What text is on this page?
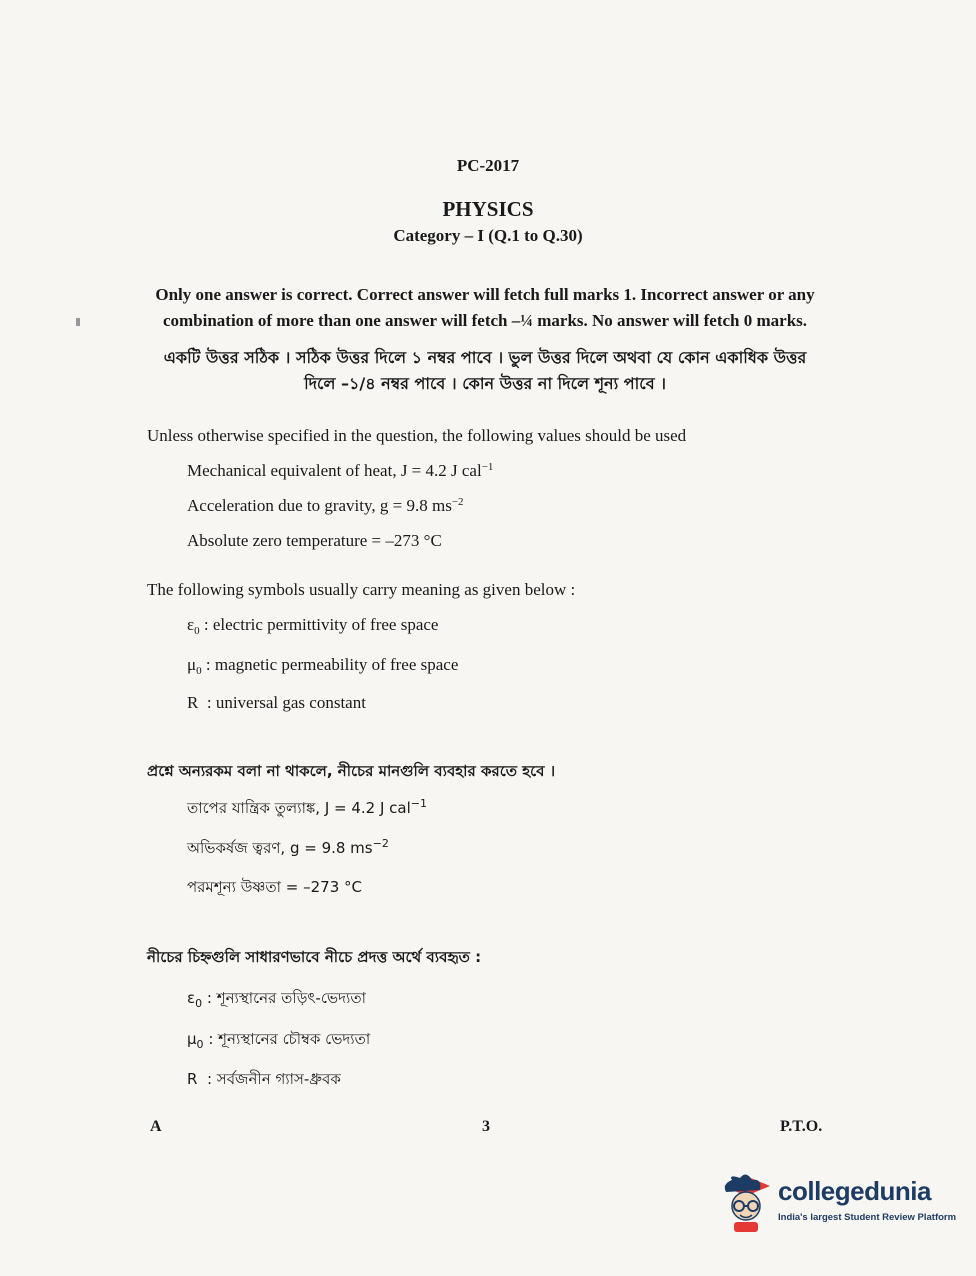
PC-2017
PHYSICS
Category – I (Q.1 to Q.30)
Only one answer is correct. Correct answer will fetch full marks 1. Incorrect answer or any
combination of more than one answer will fetch –¼ marks. No answer will fetch 0 marks.
একটি উত্তর সঠিক । সঠিক উত্তর দিলে ১ নম্বর পাবে । ভুল উত্তর দিলে অথবা যে কোন একাধিক উত্তর
দিলে –১/৪ নম্বর পাবে । কোন উত্তর না দিলে শূন্য পাবে ।
Unless otherwise specified in the question, the following values should be used
Mechanical equivalent of heat, J = 4.2 J cal$^{-1}$
Acceleration due to gravity, g = 9.8 $ms^{-2}$
Absolute zero temperature = –273 °C
The following symbols usually carry meaning as given below :
$\varepsilon_0$ : electric permittivity of free space
$\mu_0$ : magnetic permeability of free space
R  : universal gas constant
প্রশ্নে অন্যরকম বলা না থাকলে, নীচের মানগুলি ব্যবহার করতে হবে ।
তাপের যান্ত্রিক তুল্যাঙ্ক, J = 4.2 J cal$^{-1}$
অভিকর্ষজ ত্বরণ, g = 9.8 $ms^{-2}$
পরমশূন্য উষ্ণতা = –273 °C
নীচের চিহ্নগুলি সাধারণভাবে নীচে প্রদত্ত অর্থে ব্যবহৃত :
$\varepsilon_0$ : শূন্যস্থানের তড়িৎ-ভেদ্যতা
$\mu_0$ : শূন্যস্থানের চৌম্বক ভেদ্যতা
R  : সর্বজনীন গ্যাস-ধ্রুবক
A	3	P.T.O.
collegedunia
India's largest Student Review Platform
